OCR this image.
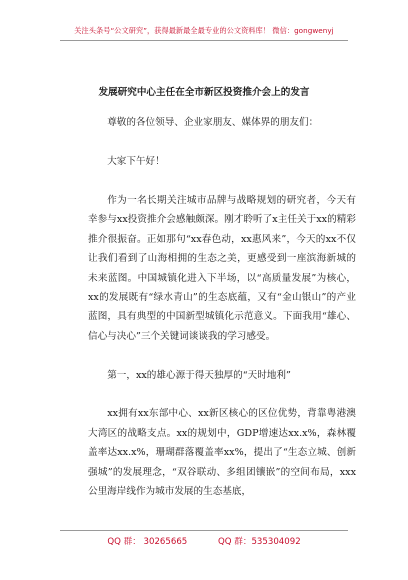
关注头条号“公文研究”，获得最新最全最专业的公文资料库！ 微信：gongwenyj
发展研究中心主任在全市新区投资推介会上的发言

尊敬的各位领导、企业家朋友、媒体界的朋友们：

大家下午好！

作为一名长期关注城市品牌与战略规划的研究者，今天有幸参与xx投资推介会感触颇深。刚才聆听了x主任关于xx的精彩推介很振奋。正如那句“xx春色动，xx惠风来”，今天的xx不仅让我们看到了山海相拥的生态之美，更感受到一座滨海新城的未来蓝图。中国城镇化进入下半场，以“高质量发展”为核心，xx的发展既有“绿水青山”的生态底蕴，又有“金山银山”的产业蓝图，具有典型的中国新型城镇化示范意义。下面我用“雄心、信心与决心”三个关键词谈谈我的学习感受。

第一，xx的雄心源于得天独厚的“天时地利”

xx拥有xx东部中心、xx新区核心的区位优势，背靠粤港澳大湾区的战略支点。xx的规划中，GDP增速达xx.x%，森林覆盖率达xx.x%，珊瑚群落覆盖率xx%，提出了“生态立城、创新强城”的发展理念，“双谷联动、多组团镶嵌”的空间布局，xxx公里海岸线作为城市发展的生态基底，

QQ 群： 30265665	QQ 群：535304092
